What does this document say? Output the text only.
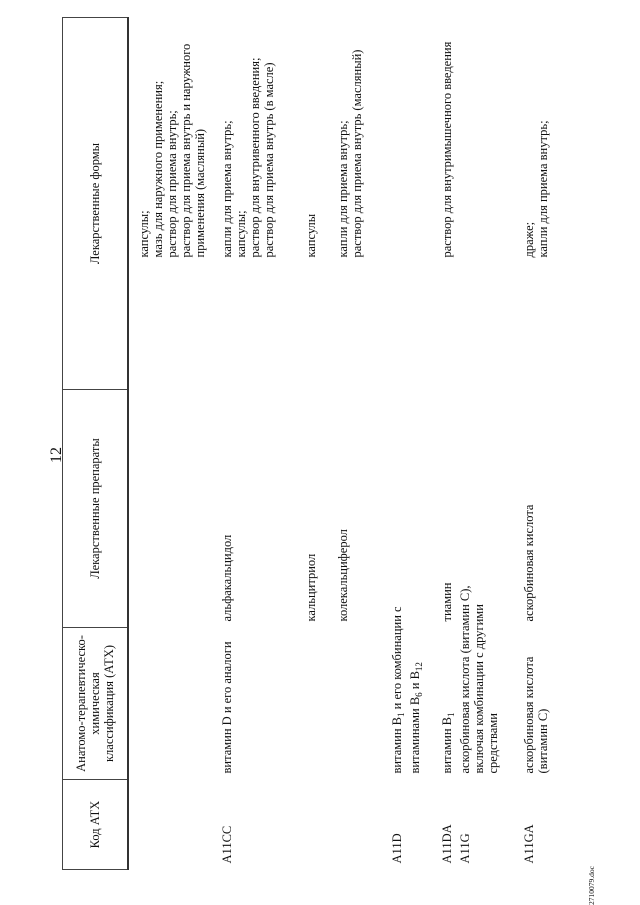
12
Код АТХ	Анатомо-терапевтическо-химическая классификация (АТХ)	Лекарственные препараты	Лекарственные формы	

				капсулы; мазь для наружного применения; раствор для приема внутрь; раствор для приема внутрь и наружного применения (масляный)

A11CC	витамин D и его аналоги	альфакальцидол		капли для приема внутрь; капсулы; раствор для внутривенного введения; раствор для приема внутрь (в масле)

		кальцитриол		капсулы

		колекальциферол		капли для приема внутрь; раствор для приема внутрь (масляный)

A11D	витамин $B_1$ и его комбинации с
витаминами $B_6$ и $B_{12}$

A11DA	витамин $B_1$	тиамин		раствор для внутримышечного введения

A11G	аскорбиновая кислота (витамин С), включая комбинации с другими средствами			

A11GA	аскорбиновая кислота (витамин С)	аскорбиновая кислота		драже; капли для приема внутрь;
2710079.doc
